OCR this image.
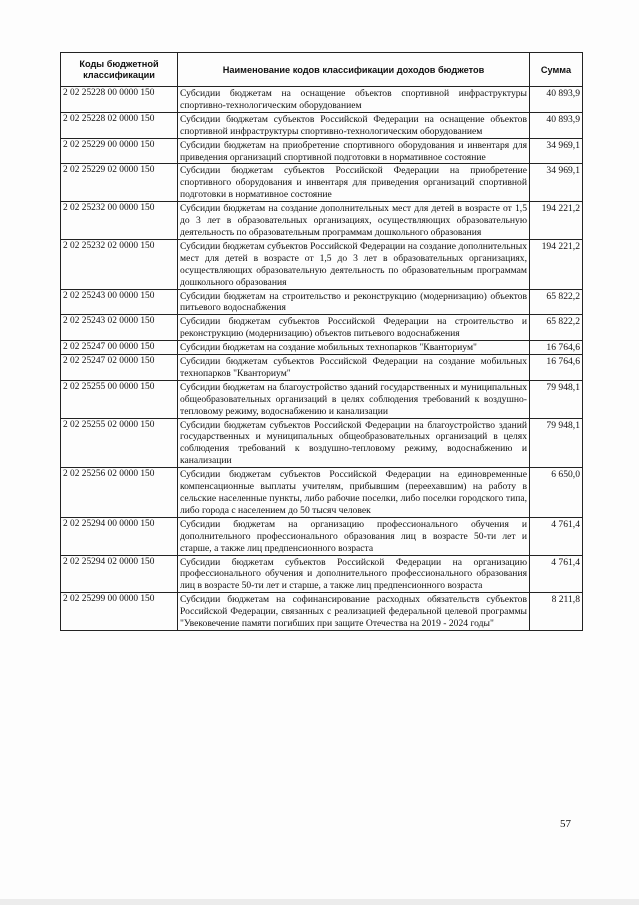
Коды бюджетной классификации	Наименование кодов классификации доходов бюджетов	Сумма
2 02 25228 00 0000 150	Субсидии бюджетам на оснащение объектов спортивной инфраструктуры спортивно-технологическим оборудованием	40 893,9
2 02 25228 02 0000 150	Субсидии бюджетам субъектов Российской Федерации на оснащение объектов спортивной инфраструктуры спортивно-технологическим оборудованием	40 893,9
2 02 25229 00 0000 150	Субсидии бюджетам на приобретение спортивного оборудования и инвентаря для приведения организаций спортивной подготовки в нормативное состояние	34 969,1
2 02 25229 02 0000 150	Субсидии бюджетам субъектов Российской Федерации на приобретение спортивного оборудования и инвентаря для приведения организаций спортивной подготовки в нормативное состояние	34 969,1
2 02 25232 00 0000 150	Субсидии бюджетам на создание дополнительных мест для детей в возрасте от 1,5 до 3 лет в образовательных организациях, осуществляющих образовательную деятельность по образовательным программам дошкольного образования	194 221,2
2 02 25232 02 0000 150	Субсидии бюджетам субъектов Российской Федерации на создание дополнительных мест для детей в возрасте от 1,5 до 3 лет в образовательных организациях, осуществляющих образовательную деятельность по образовательным программам дошкольного образования	194 221,2
2 02 25243 00 0000 150	Субсидии бюджетам на строительство и реконструкцию (модернизацию) объектов питьевого водоснабжения	65 822,2
2 02 25243 02 0000 150	Субсидии бюджетам субъектов Российской Федерации на строительство и реконструкцию (модернизацию) объектов питьевого водоснабжения	65 822,2
2 02 25247 00 0000 150	Субсидии бюджетам на создание мобильных технопарков "Кванториум"	16 764,6
2 02 25247 02 0000 150	Субсидии бюджетам субъектов Российской Федерации на создание мобильных технопарков "Кванториум"	16 764,6
2 02 25255 00 0000 150	Субсидии бюджетам на благоустройство зданий государственных и муниципальных общеобразовательных организаций в целях соблюдения требований к воздушно-тепловому режиму, водоснабжению и канализации	79 948,1
2 02 25255 02 0000 150	Субсидии бюджетам субъектов Российской Федерации на благоустройство зданий государственных и муниципальных общеобразовательных организаций в целях соблюдения требований к воздушно-тепловому режиму, водоснабжению и канализации	79 948,1
2 02 25256 02 0000 150	Субсидии бюджетам субъектов Российской Федерации на единовременные компенсационные выплаты учителям, прибывшим (переехавшим) на работу в сельские населенные пункты, либо рабочие поселки, либо поселки городского типа, либо города с населением до 50 тысяч человек	6 650,0
2 02 25294 00 0000 150	Субсидии бюджетам на организацию профессионального обучения и дополнительного профессионального образования лиц в возрасте 50-ти лет и старше, а также лиц предпенсионного возраста	4 761,4
2 02 25294 02 0000 150	Субсидии бюджетам субъектов Российской Федерации на организацию профессионального обучения и дополнительного профессионального образования лиц в возрасте 50-ти лет и старше, а также лиц предпенсионного возраста	4 761,4
2 02 25299 00 0000 150	Субсидии бюджетам на софинансирование расходных обязательств субъектов Российской Федерации, связанных с реализацией федеральной целевой программы "Увековечение памяти погибших при защите Отечества на 2019 - 2024 годы"	8 211,8
57
